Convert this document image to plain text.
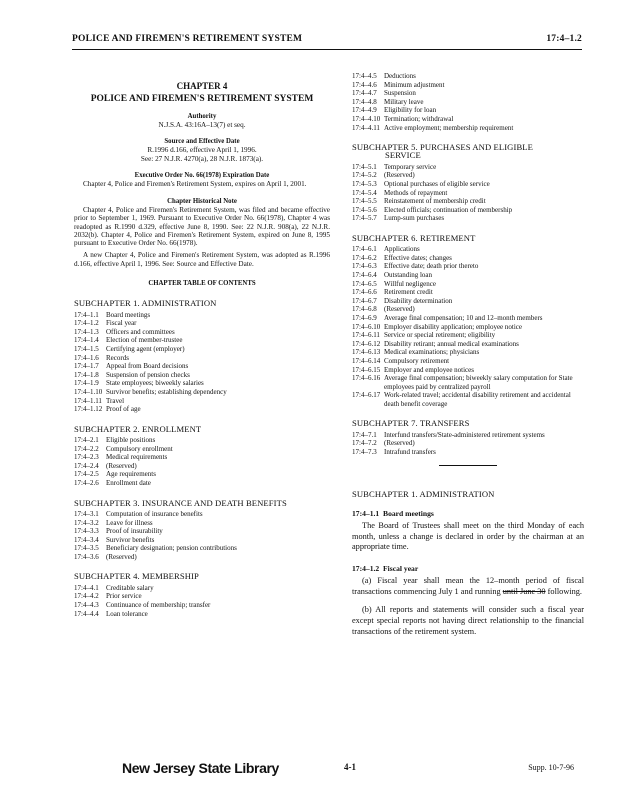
POLICE AND FIREMEN'S RETIREMENT SYSTEM	17:4–1.2
CHAPTER 4
POLICE AND FIREMEN'S RETIREMENT SYSTEM
Authority
N.J.S.A. 43:16A–13(7) et seq.
Source and Effective Date
R.1996 d.166, effective April 1, 1996.
See: 27 N.J.R. 4270(a), 28 N.J.R. 1873(a).
Executive Order No. 66(1978) Expiration Date

Chapter 4, Police and Firemen's Retirement System, expires on April 1, 2001.

Chapter Historical Note

Chapter 4, Police and Firemen's Retirement System, was filed and became effective prior to September 1, 1969. Pursuant to Executive Order No. 66(1978), Chapter 4 was readopted as R.1990 d.329, effective June 8, 1990. See: 22 N.J.R. 908(a), 22 N.J.R. 2032(b). Chapter 4, Police and Firemen's Retirement System, expired on June 8, 1995 pursuant to Executive Order No. 66(1978).

A new Chapter 4, Police and Firemen's Retirement System, was adopted as R.1996 d.166, effective April 1, 1996. See: Source and Effective Date.

CHAPTER TABLE OF CONTENTS
SUBCHAPTER 1. ADMINISTRATION
17:4–1.1	Board meetings
17:4–1.2	Fiscal year
17:4–1.3	Officers and committees
17:4–1.4	Election of member-trustee
17:4–1.5	Certifying agent (employer)
17:4–1.6	Records
17:4–1.7	Appeal from Board decisions
17:4–1.8	Suspension of pension checks
17:4–1.9	State employees; biweekly salaries
17:4–1.10 Survivor benefits; establishing dependency
17:4–1.11 Travel
17:4–1.12 Proof of age
SUBCHAPTER 2. ENROLLMENT
17:4–2.1	Eligible positions
17:4–2.2	Compulsory enrollment
17:4–2.3	Medical requirements
17:4–2.4	(Reserved)
17:4–2.5	Age requirements
17:4–2.6	Enrollment date
SUBCHAPTER 3. INSURANCE AND DEATH BENEFITS
17:4–3.1	Computation of insurance benefits
17:4–3.2	Leave for illness
17:4–3.3	Proof of insurability
17:4–3.4	Survivor benefits
17:4–3.5	Beneficiary designation; pension contributions
17:4–3.6	(Reserved)
SUBCHAPTER 4. MEMBERSHIP
17:4–4.1	Creditable salary
17:4–4.2	Prior service
17:4–4.3	Continuance of membership; transfer
17:4–4.4	Loan tolerance
17:4–4.5	Deductions
17:4–4.6	Minimum adjustment
17:4–4.7	Suspension
17:4–4.8	Military leave
17:4–4.9	Eligibility for loan
17:4–4.10 Termination; withdrawal
17:4–4.11 Active employment; membership requirement
SUBCHAPTER 5. PURCHASES AND ELIGIBLE
SERVICE
17:4–5.1	Temporary service
17:4–5.2	(Reserved)
17:4–5.3	Optional purchases of eligible service
17:4–5.4	Methods of repayment
17:4–5.5	Reinstatement of membership credit
17:4–5.6	Elected officials; continuation of membership
17:4–5.7	Lump-sum purchases
SUBCHAPTER 6. RETIREMENT
17:4–6.1	Applications
17:4–6.2	Effective dates; changes
17:4–6.3	Effective date; death prior thereto
17:4–6.4	Outstanding loan
17:4–6.5	Willful negligence
17:4–6.6	Retirement credit
17:4–6.7	Disability determination
17:4–6.8	(Reserved)
17:4–6.9	Average final compensation; 10 and 12–month members
17:4–6.10 Employer disability application; employee notice
17:4–6.11 Service or special retirement; eligibility
17:4–6.12 Disability retirant; annual medical examinations
17:4–6.13 Medical examinations; physicians
17:4–6.14 Compulsory retirement
17:4–6.15 Employer and employee notices
17:4–6.16 Average final compensation; biweekly salary computation for State employees paid by centralized payroll
17:4–6.17 Work-related travel; accidental disability retirement and accidental death benefit coverage
SUBCHAPTER 7. TRANSFERS
17:4–7.1	Interfund transfers/State-administered retirement systems
17:4–7.2	(Reserved)
17:4–7.3	Intrafund transfers
SUBCHAPTER 1. ADMINISTRATION
17:4–1.1 Board meetings

The Board of Trustees shall meet on the third Monday of each month, unless a change is declared in order by the chairman at an appropriate time.

17:4–1.2 Fiscal year

(a) Fiscal year shall mean the 12–month period of fiscal transactions commencing July 1 and running until June 30 following.

(b) All reports and statements will consider such a fiscal year except special reports not having direct relationship to the financial transactions of the retirement system.

New Jersey State Library	4-1	Supp. 10-7-96
